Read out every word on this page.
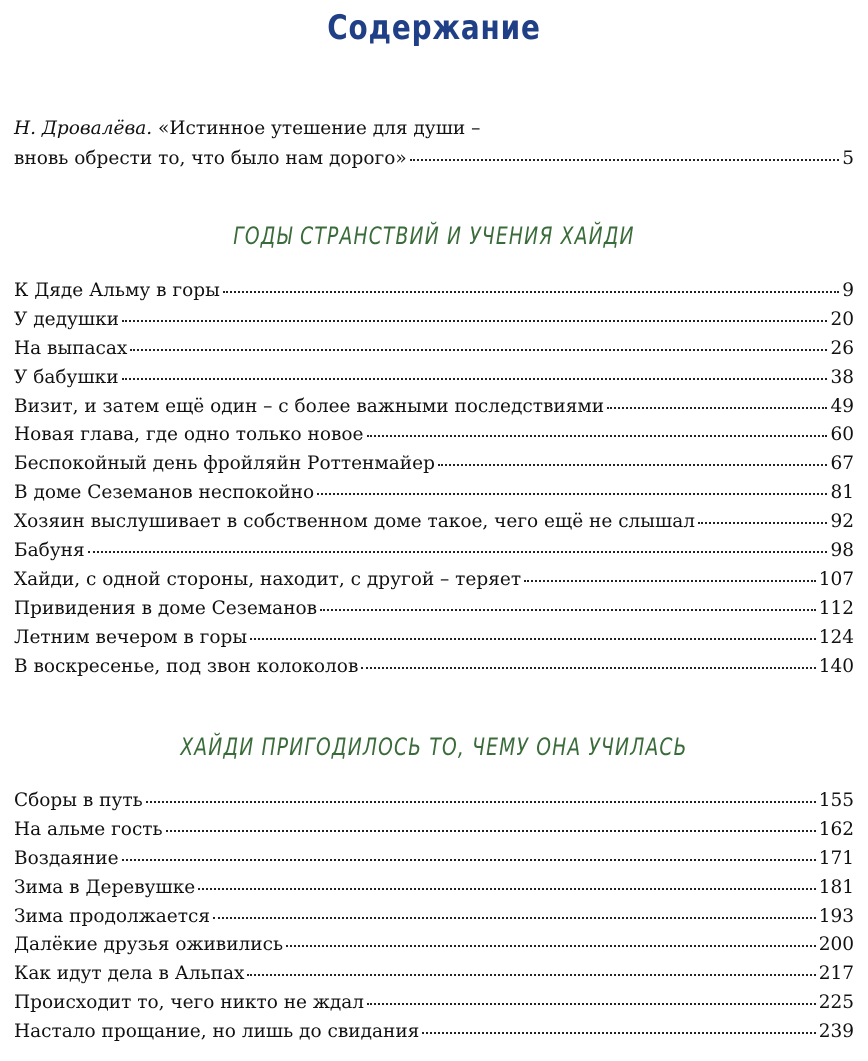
Содержание
Н. Дровалёва. «Истинное утешение для души –
вновь обрести то, что было нам дорого»	5
ГОДЫ СТРАНСТВИЙ И УЧЕНИЯ ХАЙДИ
К Дяде Альму в горы	9
У дедушки	20
На выпасах	26
У бабушки	38
Визит, и затем ещё один – с более важными последствиями	49
Новая глава, где одно только новое	60
Беспокойный день фройляйн Роттенмайер	67
В доме Сеземанов неспокойно	81
Хозяин выслушивает в собственном доме такое, чего ещё не слышал	92
Бабуня	98
Хайди, с одной стороны, находит, с другой – теряет	107
Привидения в доме Сеземанов	112
Летним вечером в горы	124
В воскресенье, под звон колоколов	140
ХАЙДИ ПРИГОДИЛОСЬ ТО, ЧЕМУ ОНА УЧИЛАСЬ
Сборы в путь	155
На альме гость	162
Воздаяние	171
Зима в Деревушке	181
Зима продолжается	193
Далёкие друзья оживились	200
Как идут дела в Альпах	217
Происходит то, чего никто не ждал	225
Настало прощание, но лишь до свидания	239
